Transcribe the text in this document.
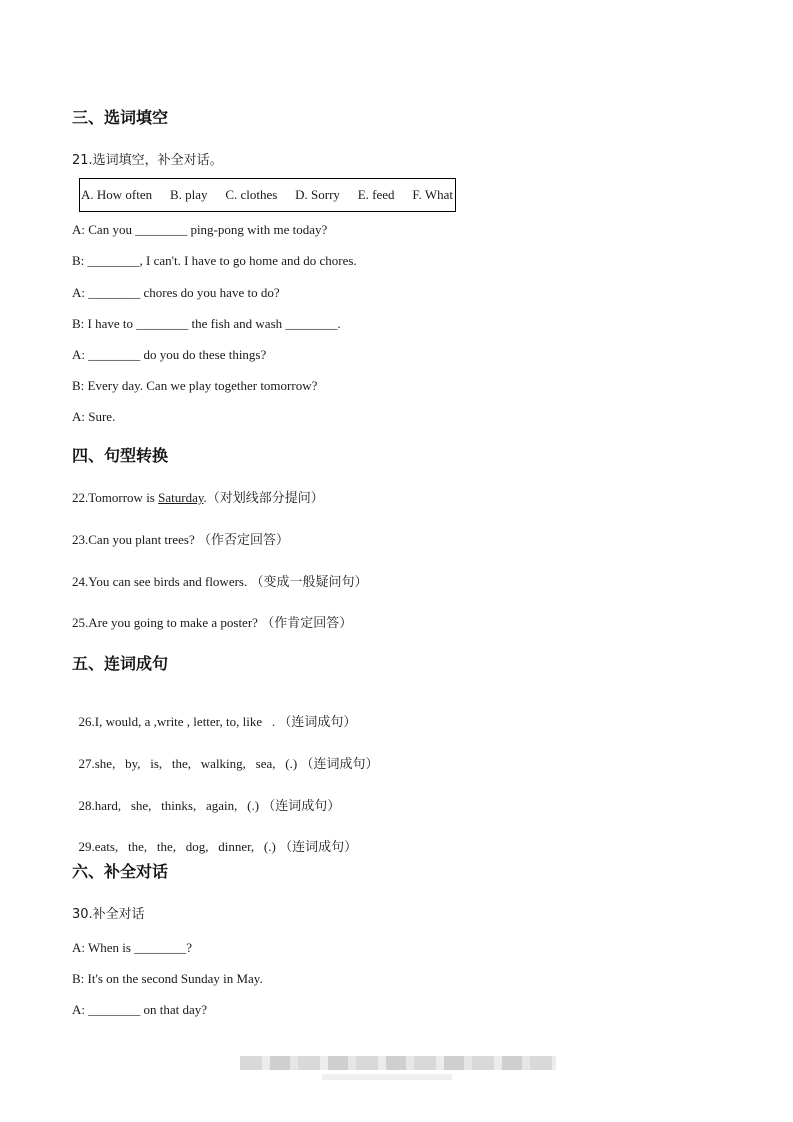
三、选词填空
21.选词填空，补全对话。
A. How often B. play C. clothes D. Sorry E. feed F. What
A: Can you ________ ping-pong with me today?
B: ________, I can't. I have to go home and do chores.
A: ________ chores do you have to do?
B: I have to ________ the fish and wash ________.
A: ________ do you do these things?
B: Every day. Can we play together tomorrow?
A: Sure.
四、句型转换
22.Tomorrow is Saturday.（对划线部分提问）
23.Can you plant trees? （作否定回答）
24.You can see birds and flowers. （变成一般疑问句）
25.Are you going to make a poster? （作肯定回答）
五、连词成句

26.I, would, a ,write , letter, to, like   . （连词成句）

27.she,   by,   is,   the,   walking,   sea,   (.) （连词成句）

28.hard,   she,   thinks,   again,   (.) （连词成句）

29.eats,   the,   the,   dog,   dinner,   (.) （连词成句）

六、补全对话
30.补全对话
A: When is ________?
B: It's on the second Sunday in May.
A: ________ on that day?
